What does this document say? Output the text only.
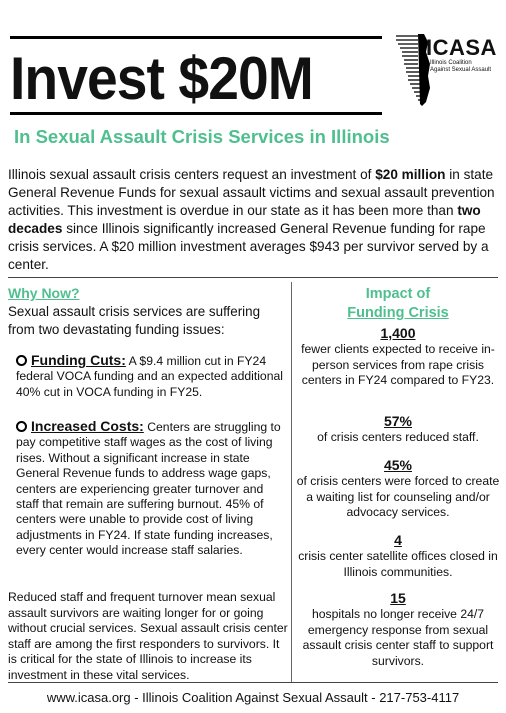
Invest $20M	ICASA
Illinois Coalition
Against Sexual Assault
In Sexual Assault Crisis Services in Illinois
Illinois sexual assault crisis centers request an investment of $20 million in state General Revenue Funds for sexual assault victims and sexual assault prevention activities. This investment is overdue in our state as it has been more than two decades since Illinois significantly increased General Revenue funding for rape crisis services. A $20 million investment averages $943 per survivor served by a center.
Why Now?
Sexual assault crisis services are suffering from two devastating funding issues:
Funding Cuts: A $9.4 million cut in FY24 federal VOCA funding and an expected additional 40% cut in VOCA funding in FY25.
Increased Costs: Centers are struggling to pay competitive staff wages as the cost of living rises. Without a significant increase in state General Revenue funds to address wage gaps, centers are experiencing greater turnover and staff that remain are suffering burnout. 45% of centers were unable to provide cost of living adjustments in FY24. If state funding increases, every center would increase staff salaries.
Reduced staff and frequent turnover mean sexual assault survivors are waiting longer for or going without crucial services. Sexual assault crisis center staff are among the first responders to survivors. It is critical for the state of Illinois to increase its investment in these vital services.
Impact of
Funding Crisis
1,400
fewer clients expected to receive in-person services from rape crisis centers in FY24 compared to FY23.
57%
of crisis centers reduced staff.
45%
of crisis centers were forced to create a waiting list for counseling and/or advocacy services.
4
crisis center satellite offices closed in Illinois communities.
15
hospitals no longer receive 24/7 emergency response from sexual assault crisis center staff to support survivors.
www.icasa.org - Illinois Coalition Against Sexual Assault - 217-753-4117
